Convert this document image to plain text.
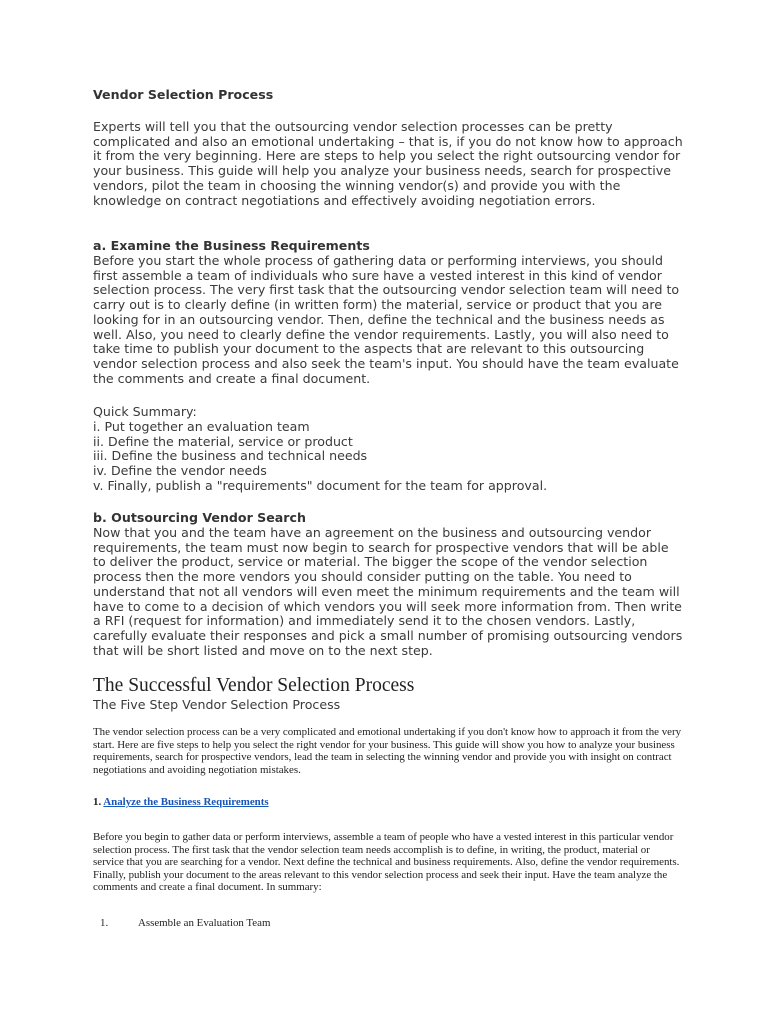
Vendor Selection Process

Experts will tell you that the outsourcing vendor selection processes can be pretty complicated and also an emotional undertaking – that is, if you do not know how to approach it from the very beginning. Here are steps to help you select the right outsourcing vendor for your business. This guide will help you analyze your business needs, search for prospective vendors, pilot the team in choosing the winning vendor(s) and provide you with the knowledge on contract negotiations and effectively avoiding negotiation errors.

a. Examine the Business Requirements

Before you start the whole process of gathering data or performing interviews, you should first assemble a team of individuals who sure have a vested interest in this kind of vendor selection process. The very first task that the outsourcing vendor selection team will need to carry out is to clearly define (in written form) the material, service or product that you are looking for in an outsourcing vendor. Then, define the technical and the business needs as well. Also, you need to clearly define the vendor requirements. Lastly, you will also need to take time to publish your document to the aspects that are relevant to this outsourcing vendor selection process and also seek the team's input. You should have the team evaluate the comments and create a final document.

Quick Summary:
i. Put together an evaluation team
ii. Define the material, service or product
iii. Define the business and technical needs
iv. Define the vendor needs
v. Finally, publish a "requirements" document for the team for approval.
b. Outsourcing Vendor Search

Now that you and the team have an agreement on the business and outsourcing vendor requirements, the team must now begin to search for prospective vendors that will be able to deliver the product, service or material. The bigger the scope of the vendor selection process then the more vendors you should consider putting on the table. You need to understand that not all vendors will even meet the minimum requirements and the team will have to come to a decision of which vendors you will seek more information from. Then write a RFI (request for information) and immediately send it to the chosen vendors. Lastly, carefully evaluate their responses and pick a small number of promising outsourcing vendors that will be short listed and move on to the next step.

The Successful Vendor Selection Process
The Five Step Vendor Selection Process

The vendor selection process can be a very complicated and emotional undertaking if you don't know how to approach it from the very start. Here are five steps to help you select the right vendor for your business. This guide will show you how to analyze your business requirements, search for prospective vendors, lead the team in selecting the winning vendor and provide you with insight on contract negotiations and avoiding negotiation mistakes.

1. Analyze the Business Requirements

Before you begin to gather data or perform interviews, assemble a team of people who have a vested interest in this particular vendor selection process. The first task that the vendor selection team needs accomplish is to define, in writing, the product, material or service that you are searching for a vendor. Next define the technical and business requirements. Also, define the vendor requirements. Finally, publish your document to the areas relevant to this vendor selection process and seek their input. Have the team analyze the comments and create a final document. In summary:

1.	Assemble an Evaluation Team
